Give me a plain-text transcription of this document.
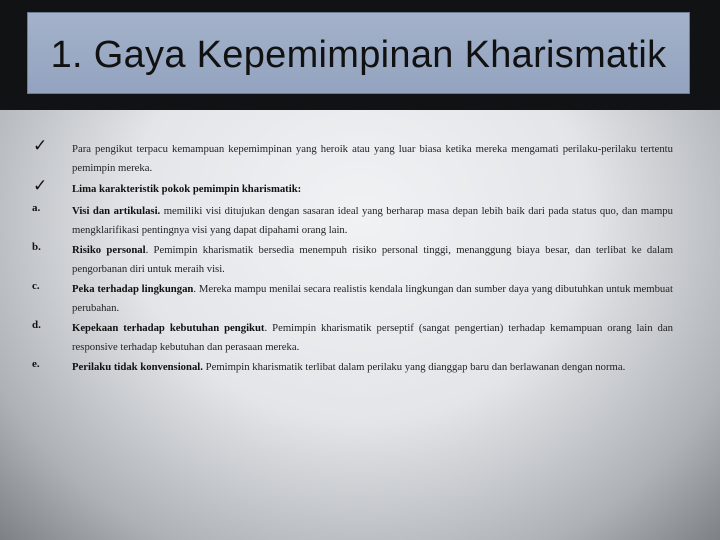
1. Gaya Kepemimpinan Kharismatik
✓ Para pengikut terpacu kemampuan kepemimpinan yang heroik atau yang luar biasa ketika mereka mengamati perilaku-perilaku tertentu pemimpin mereka.
✓ Lima karakteristik pokok pemimpin kharismatik:
a.	Visi dan artikulasi. memiliki visi ditujukan dengan sasaran ideal yang berharap masa depan lebih baik dari pada status quo, dan mampu mengklarifikasi pentingnya visi yang dapat dipahami orang lain.
b.	Risiko personal. Pemimpin kharismatik bersedia menempuh risiko personal tinggi, menanggung biaya besar, dan terlibat ke dalam pengorbanan diri untuk meraih visi.
c.	Peka terhadap lingkungan. Mereka mampu menilai secara realistis kendala lingkungan dan sumber daya yang dibutuhkan untuk membuat perubahan.
d.	Kepekaan terhadap kebutuhan pengikut. Pemimpin kharismatik perseptif (sangat pengertian) terhadap kemampuan orang lain dan responsive terhadap kebutuhan dan perasaan mereka.
e.	Perilaku tidak konvensional. Pemimpin kharismatik terlibat dalam perilaku yang dianggap baru dan berlawanan dengan norma.
